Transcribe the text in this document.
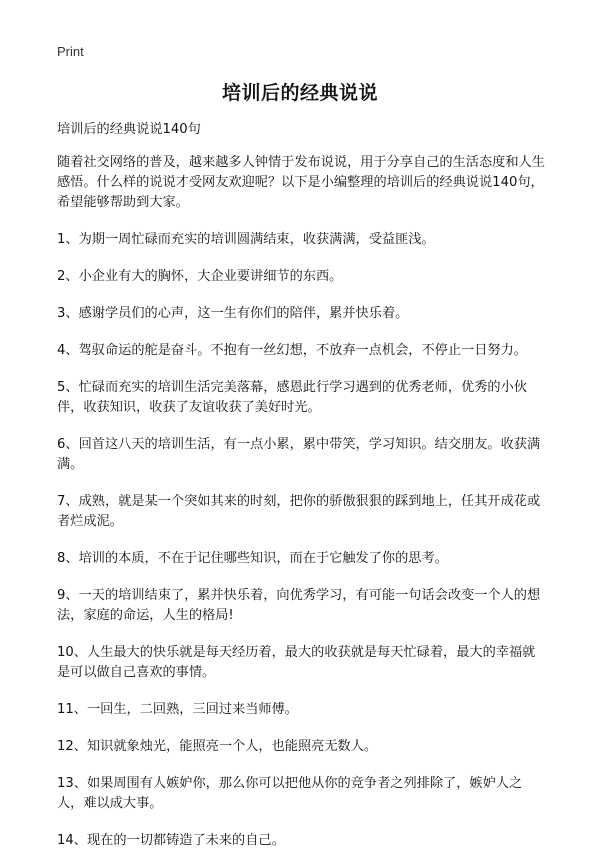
Print
培训后的经典说说

培训后的经典说说140句

随着社交网络的普及，越来越多人钟情于发布说说，用于分享自己的生活态度和人生感悟。什么样的说说才受网友欢迎呢？以下是小编整理的培训后的经典说说140句，希望能够帮助到大家。

1、为期一周忙碌而充实的培训圆满结束，收获满满，受益匪浅。

2、小企业有大的胸怀，大企业要讲细节的东西。

3、感谢学员们的心声，这一生有你们的陪伴，累并快乐着。

4、驾驭命运的舵是奋斗。不抱有一丝幻想，不放弃一点机会，不停止一日努力。

5、忙碌而充实的培训生活完美落幕，感恩此行学习遇到的优秀老师，优秀的小伙伴，收获知识，收获了友谊收获了美好时光。

6、回首这八天的培训生活，有一点小累，累中带笑，学习知识。结交朋友。收获满满。

7、成熟，就是某一个突如其来的时刻，把你的骄傲狠狠的踩到地上，任其开成花或者烂成泥。

8、培训的本质，不在于记住哪些知识，而在于它触发了你的思考。

9、一天的培训结束了，累并快乐着，向优秀学习，有可能一句话会改变一个人的想法，家庭的命运，人生的格局!

10、人生最大的快乐就是每天经历着，最大的收获就是每天忙碌着，最大的幸福就是可以做自己喜欢的事情。

11、一回生，二回熟，三回过来当师傅。

12、知识就象烛光，能照亮一个人，也能照亮无数人。

13、如果周围有人嫉妒你，那么你可以把他从你的竞争者之列排除了，嫉妒人之人，难以成大事。

14、现在的一切都铸造了未来的自己。
